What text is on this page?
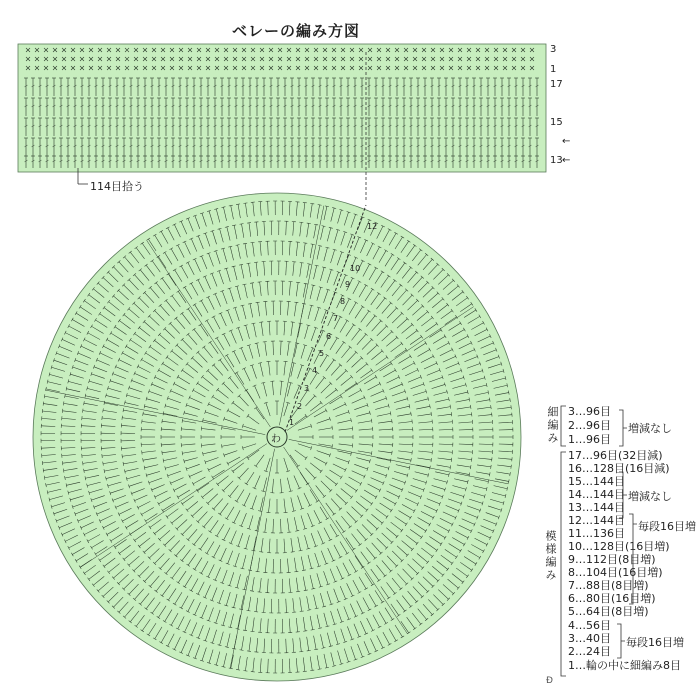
ベレーの編み方図
114目拾う
3
1
17
15
13
←
←
わ
12
10
9
8
7
6
5
4
3
2
1	細編み 3…96目
2…96目
1…96目
増減なし
模様編み
17…96目(32目減)
16…128目(16目減)
15…144目
14…144目
13…144目
12…144目
11…136目
10…128目(16目増)
9…112目(8目増)
8…104目(16目増)
7…88目(8目増)
6…80目(16目増)
5…64目(8目増)
4…56目
3…40目
2…24目
1…輪の中に細編み8目
増減なし
毎段16目増
毎段16目増
Ð
